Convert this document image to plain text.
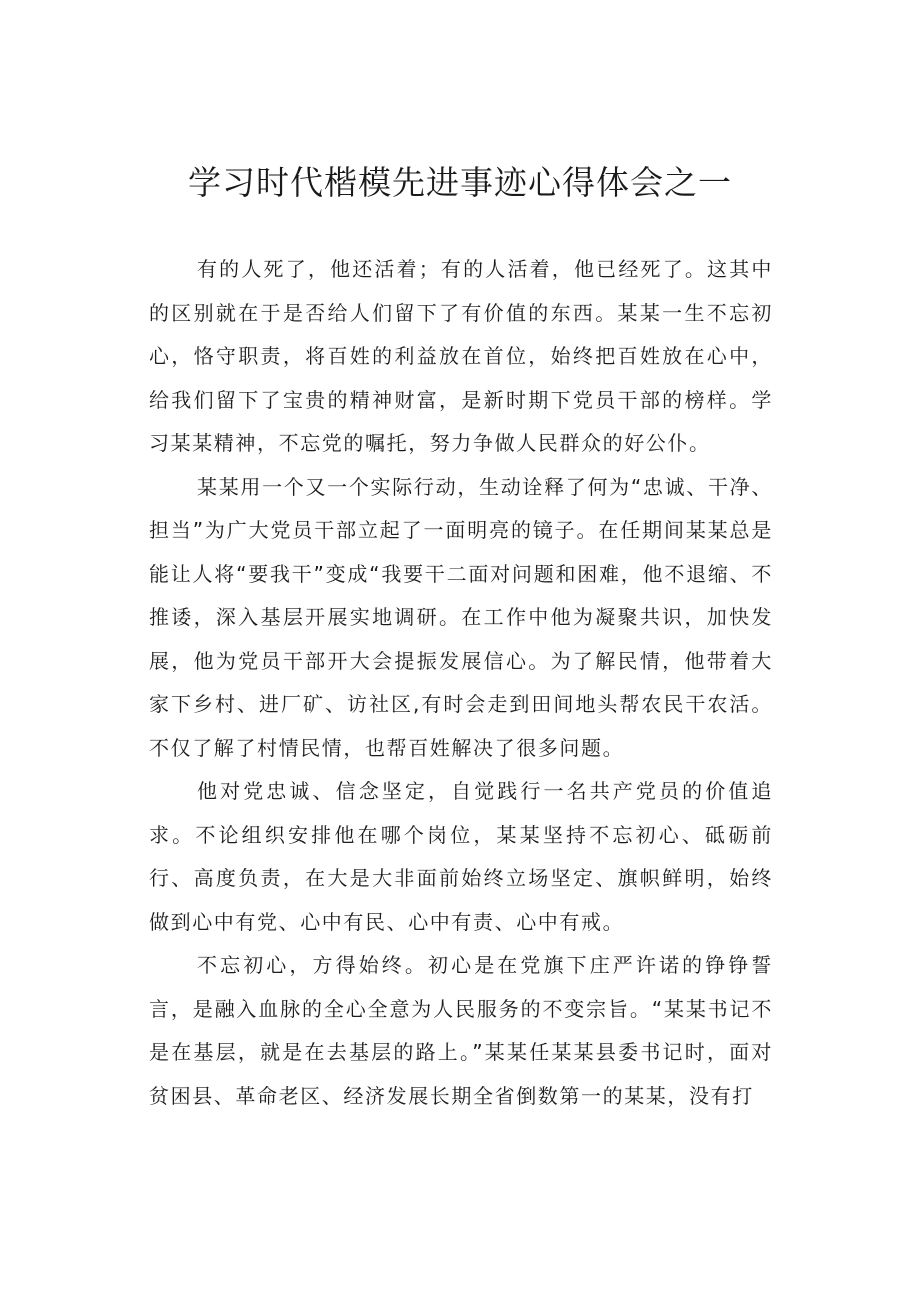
学习时代楷模先进事迹心得体会之一

有的人死了，他还活着；有的人活着，他已经死了。这其中的区别就在于是否给人们留下了有价值的东西。某某一生不忘初心，恪守职责，将百姓的利益放在首位，始终把百姓放在心中，给我们留下了宝贵的精神财富，是新时期下党员干部的榜样。学习某某精神，不忘党的嘱托，努力争做人民群众的好公仆。

某某用一个又一个实际行动，生动诠释了何为“忠诚、干净、担当”为广大党员干部立起了一面明亮的镜子。在任期间某某总是能让人将“要我干”变成“我要干二面对问题和困难，他不退缩、不推诿，深入基层开展实地调研。在工作中他为凝聚共识，加快发展，他为党员干部开大会提振发展信心。为了解民情，他带着大家下乡村、进厂矿、访社区,有时会走到田间地头帮农民干农活。不仅了解了村情民情，也帮百姓解决了很多问题。

他对党忠诚、信念坚定，自觉践行一名共产党员的价值追求。不论组织安排他在哪个岗位，某某坚持不忘初心、砥砺前行、高度负责，在大是大非面前始终立场坚定、旗帜鲜明，始终做到心中有党、心中有民、心中有责、心中有戒。

不忘初心，方得始终。初心是在党旗下庄严许诺的铮铮誓言，是融入血脉的全心全意为人民服务的不变宗旨。“某某书记不是在基层，就是在去基层的路上。”某某任某某县委书记时，面对贫困县、革命老区、经济发展长期全省倒数第一的某某，没有打
